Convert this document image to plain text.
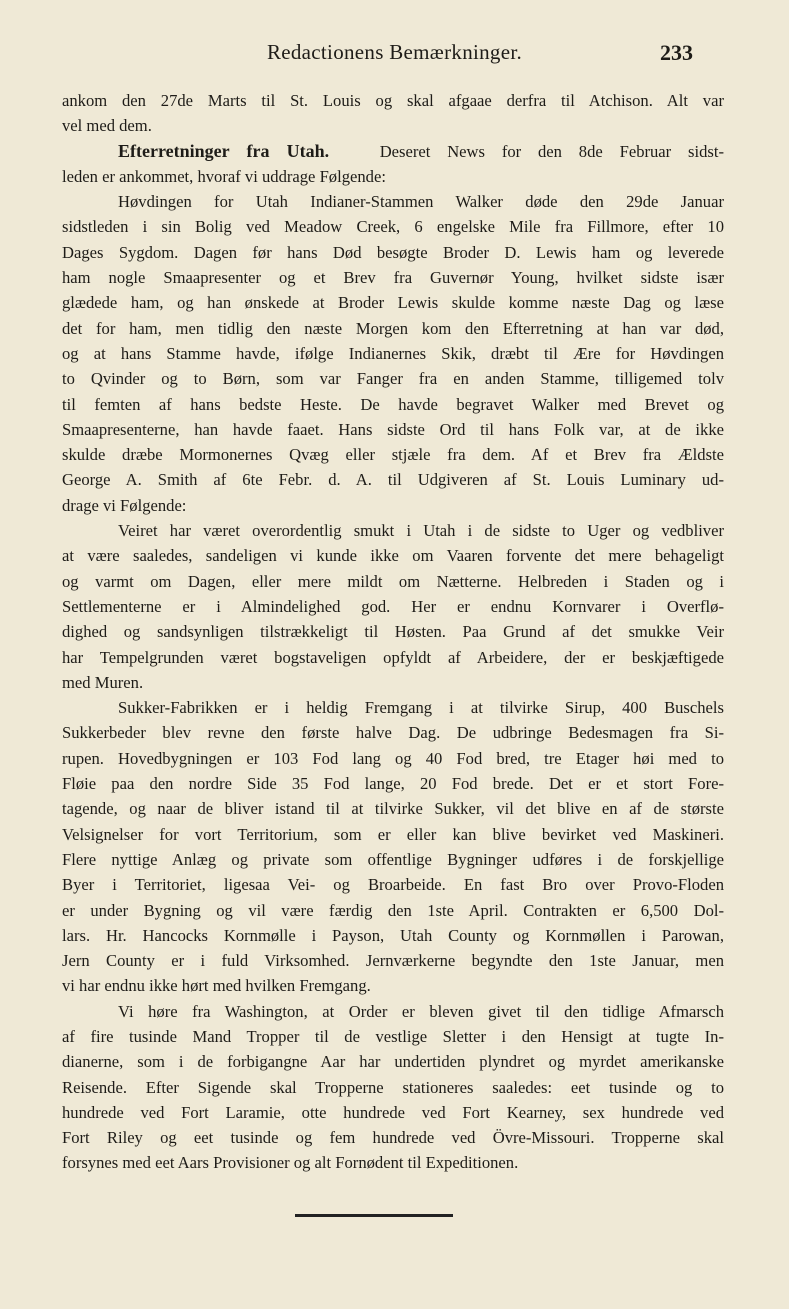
Redactionens Bemærkninger.	233
ankom den 27de Marts til St. Louis og skal afgaae derfra til Atchison. Alt var
vel med dem.
Efterretninger fra Utah.	Deseret News for den 8de Februar sidst-
leden er ankommet, hvoraf vi uddrage Følgende:
Høvdingen for Utah Indianer-Stammen Walker døde den 29de Januar
sidstleden i sin Bolig ved Meadow Creek, 6 engelske Mile fra Fillmore, efter 10
Dages Sygdom. Dagen før hans Død besøgte Broder D. Lewis ham og leverede
ham nogle Smaapresenter og et Brev fra Guvernør Young, hvilket sidste især
glædede ham, og han ønskede at Broder Lewis skulde komme næste Dag og læse
det for ham, men tidlig den næste Morgen kom den Efterretning at han var død,
og at hans Stamme havde, ifølge Indianernes Skik, dræbt til Ære for Høvdingen
to Qvinder og to Børn, som var Fanger fra en anden Stamme, tilligemed tolv
til femten af hans bedste Heste. De havde begravet Walker med Brevet og
Smaapresenterne, han havde faaet. Hans sidste Ord til hans Folk var, at de ikke
skulde dræbe Mormonernes Qvæg eller stjæle fra dem. Af et Brev fra Ældste
George A. Smith af 6te Febr. d. A. til Udgiveren af St. Louis Luminary ud-
drage vi Følgende:
Veiret har været overordentlig smukt i Utah i de sidste to Uger og vedbliver
at være saaledes, sandeligen vi kunde ikke om Vaaren forvente det mere behageligt
og varmt om Dagen, eller mere mildt om Nætterne. Helbreden i Staden og i
Settlementerne er i Almindelighed god. Her er endnu Kornvarer i Overflø-
dighed og sandsynligen tilstrækkeligt til Høsten. Paa Grund af det smukke Veir
har Tempelgrunden været bogstaveligen opfyldt af Arbeidere, der er beskjæftigede
med Muren.
Sukker-Fabrikken er i heldig Fremgang i at tilvirke Sirup, 400 Buschels
Sukkerbeder blev revne den første halve Dag. De udbringe Bedesmagen fra Si-
rupen. Hovedbygningen er 103 Fod lang og 40 Fod bred, tre Etager høi med to
Fløie paa den nordre Side 35 Fod lange, 20 Fod brede. Det er et stort Fore-
tagende, og naar de bliver istand til at tilvirke Sukker, vil det blive en af de største
Velsignelser for vort Territorium, som er eller kan blive bevirket ved Maskineri.
Flere nyttige Anlæg og private som offentlige Bygninger udføres i de forskjellige
Byer i Territoriet, ligesaa Vei- og Broarbeide. En fast Bro over Provo-Floden
er under Bygning og vil være færdig den 1ste April. Contrakten er 6,500 Dol-
lars. Hr. Hancocks Kornmølle i Payson, Utah County og Kornmøllen i Parowan,
Jern County er i fuld Virksomhed. Jernværkerne begyndte den 1ste Januar, men
vi har endnu ikke hørt med hvilken Fremgang.
Vi høre fra Washington, at Order er bleven givet til den tidlige Afmarsch
af fire tusinde Mand Tropper til de vestlige Sletter i den Hensigt at tugte In-
dianerne, som i de forbigangne Aar har undertiden plyndret og myrdet amerikanske
Reisende. Efter Sigende skal Tropperne stationeres saaledes: eet tusinde og to
hundrede ved Fort Laramie, otte hundrede ved Fort Kearney, sex hundrede ved
Fort Riley og eet tusinde og fem hundrede ved Övre-Missouri. Tropperne skal
forsynes med eet Aars Provisioner og alt Fornødent til Expeditionen.
